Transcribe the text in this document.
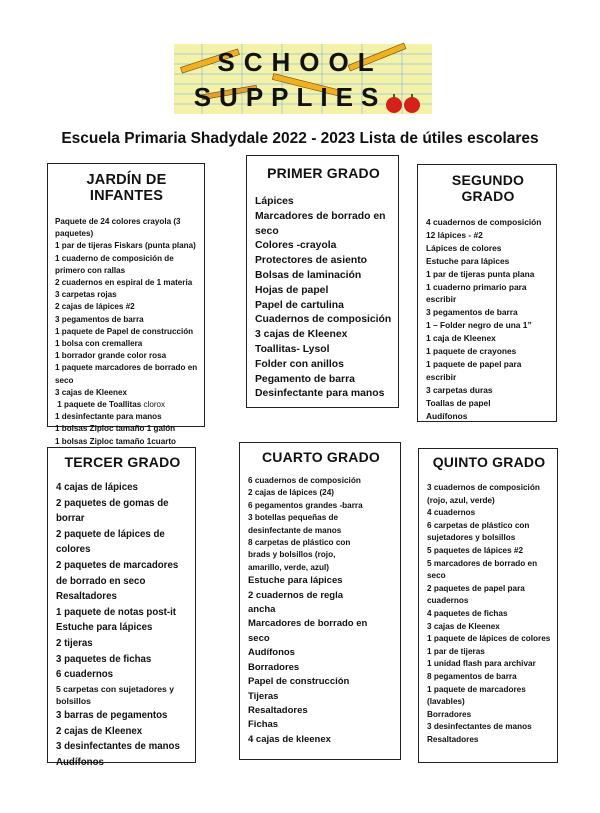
SCHOOL
SUPPLIES
Escuela Primaria Shadydale 2022 - 2023 Lista de útiles escolares
JARDÍN DE INFANTES
Paquete de 24 colores crayola (3
paquetes)
1 par de tijeras Fiskars (punta plana)
1 cuaderno de composición de
primero con rallas
2 cuadernos en espiral de 1 materia
3 carpetas rojas
2 cajas de lápices #2
3 pegamentos de barra
1 paquete de Papel de construcción
1 bolsa con cremallera
1 borrador grande color rosa
1 paquete marcadores de borrado en
seco
3 cajas de Kleenex
1 paquete de Toallitas clorox
1 desinfectante para manos
1 bolsas Ziploc tamaño 1 galón
1 bolsas Ziploc tamaño 1cuarto
PRIMER GRADO
Lápices
Marcadores de borrado en
seco
Colores -crayola
Protectores de asiento
Bolsas de laminación
Hojas de papel
Papel de cartulina
Cuadernos de composición
3 cajas de Kleenex
Toallitas- Lysol
Folder con anillos
Pegamento de barra
Desinfectante para manos
SEGUNDO GRADO
4 cuadernos de composición
12 lápices - #2
Lápices de colores
Estuche para lápices
1 par de tijeras punta plana
1 cuaderno primario para
escribir
3 pegamentos de barra
1 – Folder negro de una 1”
1 caja de Kleenex
1 paquete de crayones
1 paquete de papel para
escribir
3 carpetas duras
Toallas de papel
Audífonos
TERCER GRADO
4 cajas de lápices
2 paquetes de gomas de
borrar
2 paquete de lápices de
colores
2 paquetes de marcadores
de borrado en seco
Resaltadores
1 paquete de notas post-it
Estuche para lápices
2 tijeras
3 paquetes de fichas
6 cuadernos
5 carpetas con sujetadores y
bolsillos
3 barras de pegamentos
2 cajas de Kleenex
3 desinfectantes de manos
Audífonos
CUARTO GRADO
6 cuadernos de composición
2 cajas de lápices (24)
6 pegamentos grandes -barra
3 botellas pequeñas de
desinfectante de manos
8 carpetas de plástico con
brads y bolsillos (rojo,
amarillo, verde, azul)
Estuche para lápices
2 cuadernos de regla
ancha
Marcadores de borrado en
seco
Audífonos
Borradores
Papel de construcción
Tijeras
Resaltadores
Fichas
4 cajas de kleenex
QUINTO GRADO
3 cuadernos de composición
(rojo, azul, verde)
4 cuadernos
6 carpetas de plástico con
sujetadores y bolsillos
5 paquetes de lápices #2
5 marcadores de borrado en
seco
2 paquetes de papel para
cuadernos
4 paquetes de fichas
3 cajas de Kleenex
1 paquete de lápices de colores
1 par de tijeras
1 unidad flash para archivar
8 pegamentos de barra
1 paquete de marcadores
(lavables)
Borradores
3 desinfectantes de manos
Resaltadores
